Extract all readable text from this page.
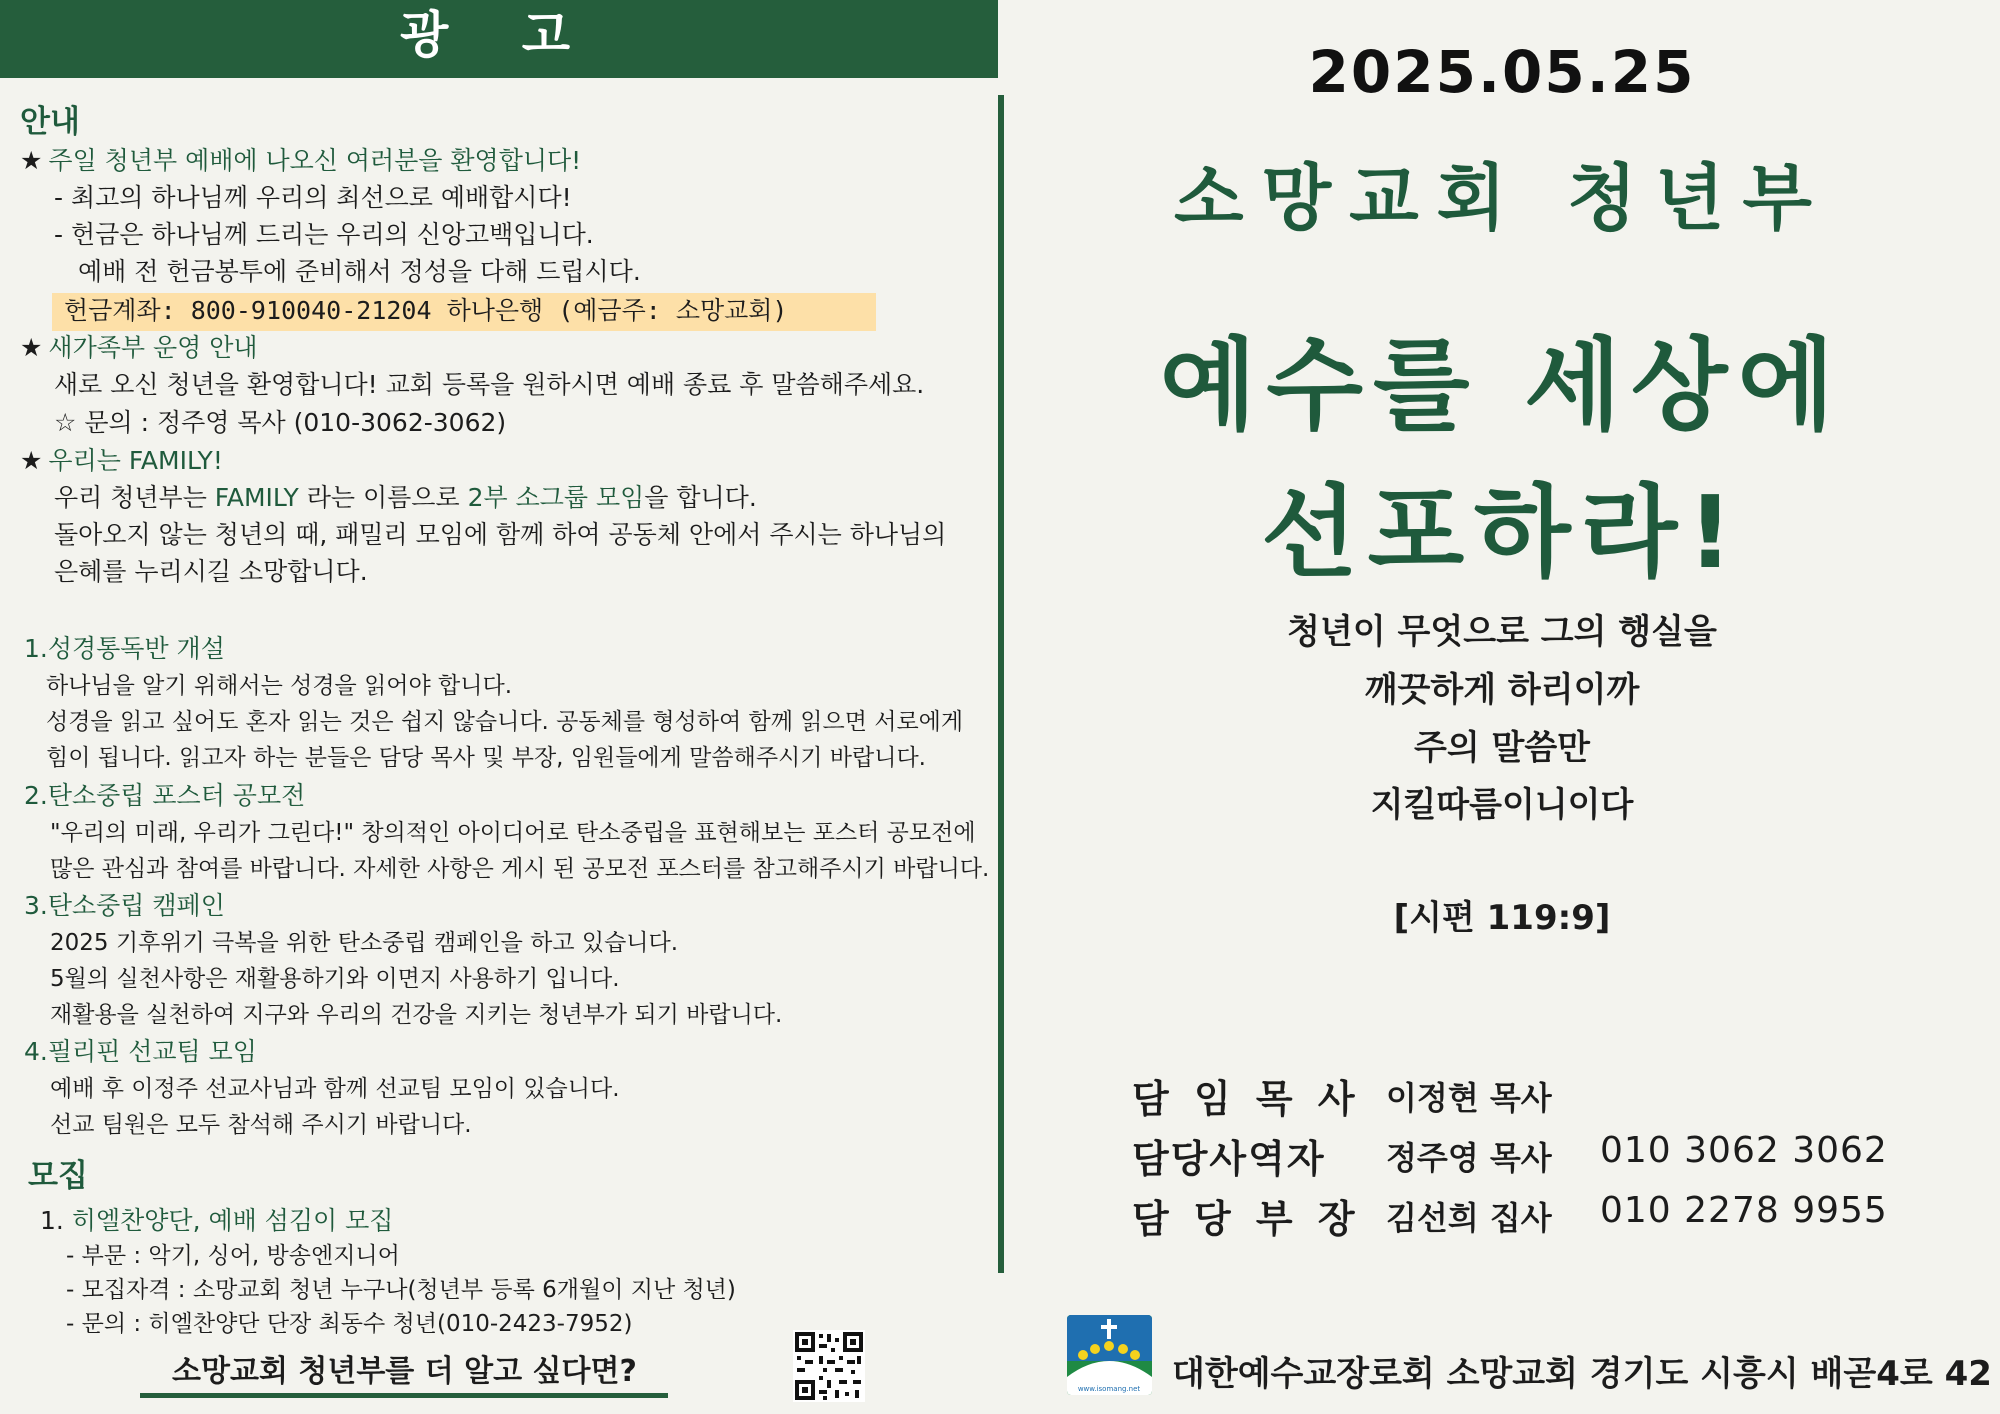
광 고
안내
★ 주일 청년부 예배에 나오신 여러분을 환영합니다!
- 최고의 하나님께 우리의 최선으로 예배합시다!
- 헌금은 하나님께 드리는 우리의 신앙고백입니다.
예배 전 헌금봉투에 준비해서 정성을 다해 드립시다.
헌금계좌: 800-910040-21204 하나은행 (예금주: 소망교회)
★ 새가족부 운영 안내
새로 오신 청년을 환영합니다! 교회 등록을 원하시면 예배 종료 후 말씀해주세요.
☆ 문의 : 정주영 목사 (010-3062-3062)
★ 우리는 FAMILY!
우리 청년부는 FAMILY 라는 이름으로 2부 소그룹 모임을 합니다.
돌아오지 않는 청년의 때, 패밀리 모임에 함께 하여 공동체 안에서 주시는 하나님의
은혜를 누리시길 소망합니다.
1.성경통독반 개설
하나님을 알기 위해서는 성경을 읽어야 합니다.
성경을 읽고 싶어도 혼자 읽는 것은 쉽지 않습니다. 공동체를 형성하여 함께 읽으면 서로에게
힘이 됩니다. 읽고자 하는 분들은 담당 목사 및 부장, 임원들에게 말씀해주시기 바랍니다.
2.탄소중립 포스터 공모전
"우리의 미래, 우리가 그린다!" 창의적인 아이디어로 탄소중립을 표현해보는 포스터 공모전에
많은 관심과 참여를 바랍니다. 자세한 사항은 게시 된 공모전 포스터를 참고해주시기 바랍니다.
3.탄소중립 캠페인
2025 기후위기 극복을 위한 탄소중립 캠페인을 하고 있습니다.
5월의 실천사항은 재활용하기와 이면지 사용하기 입니다.
재활용을 실천하여 지구와 우리의 건강을 지키는 청년부가 되기 바랍니다.
4.필리핀 선교팀 모임
예배 후 이정주 선교사님과 함께 선교팀 모임이 있습니다.
선교 팀원은 모두 참석해 주시기 바랍니다.
모집
1. 히엘찬양단, 예배 섬김이 모집
- 부문 : 악기, 싱어, 방송엔지니어
- 모집자격 : 소망교회 청년 누구나(청년부 등록 6개월이 지난 청년)
- 문의 : 히엘찬양단 단장 최동수 청년(010-2423-7952)
소망교회 청년부를 더 알고 싶다면?
2025.05.25
소망교회 청년부
예수를 세상에
선포하라!
청년이 무엇으로 그의 행실을
깨끗하게 하리이까
주의 말씀만
지킬따름이니이다
[시편 119:9]
담 임 목 사 이정현 목사
담당사역자 정주영 목사 010 3062 3062
담 당 부 장 김선희 집사 010 2278 9955
www.isomang.net 대한예수교장로회 소망교회 경기도 시흥시 배곧4로 42
